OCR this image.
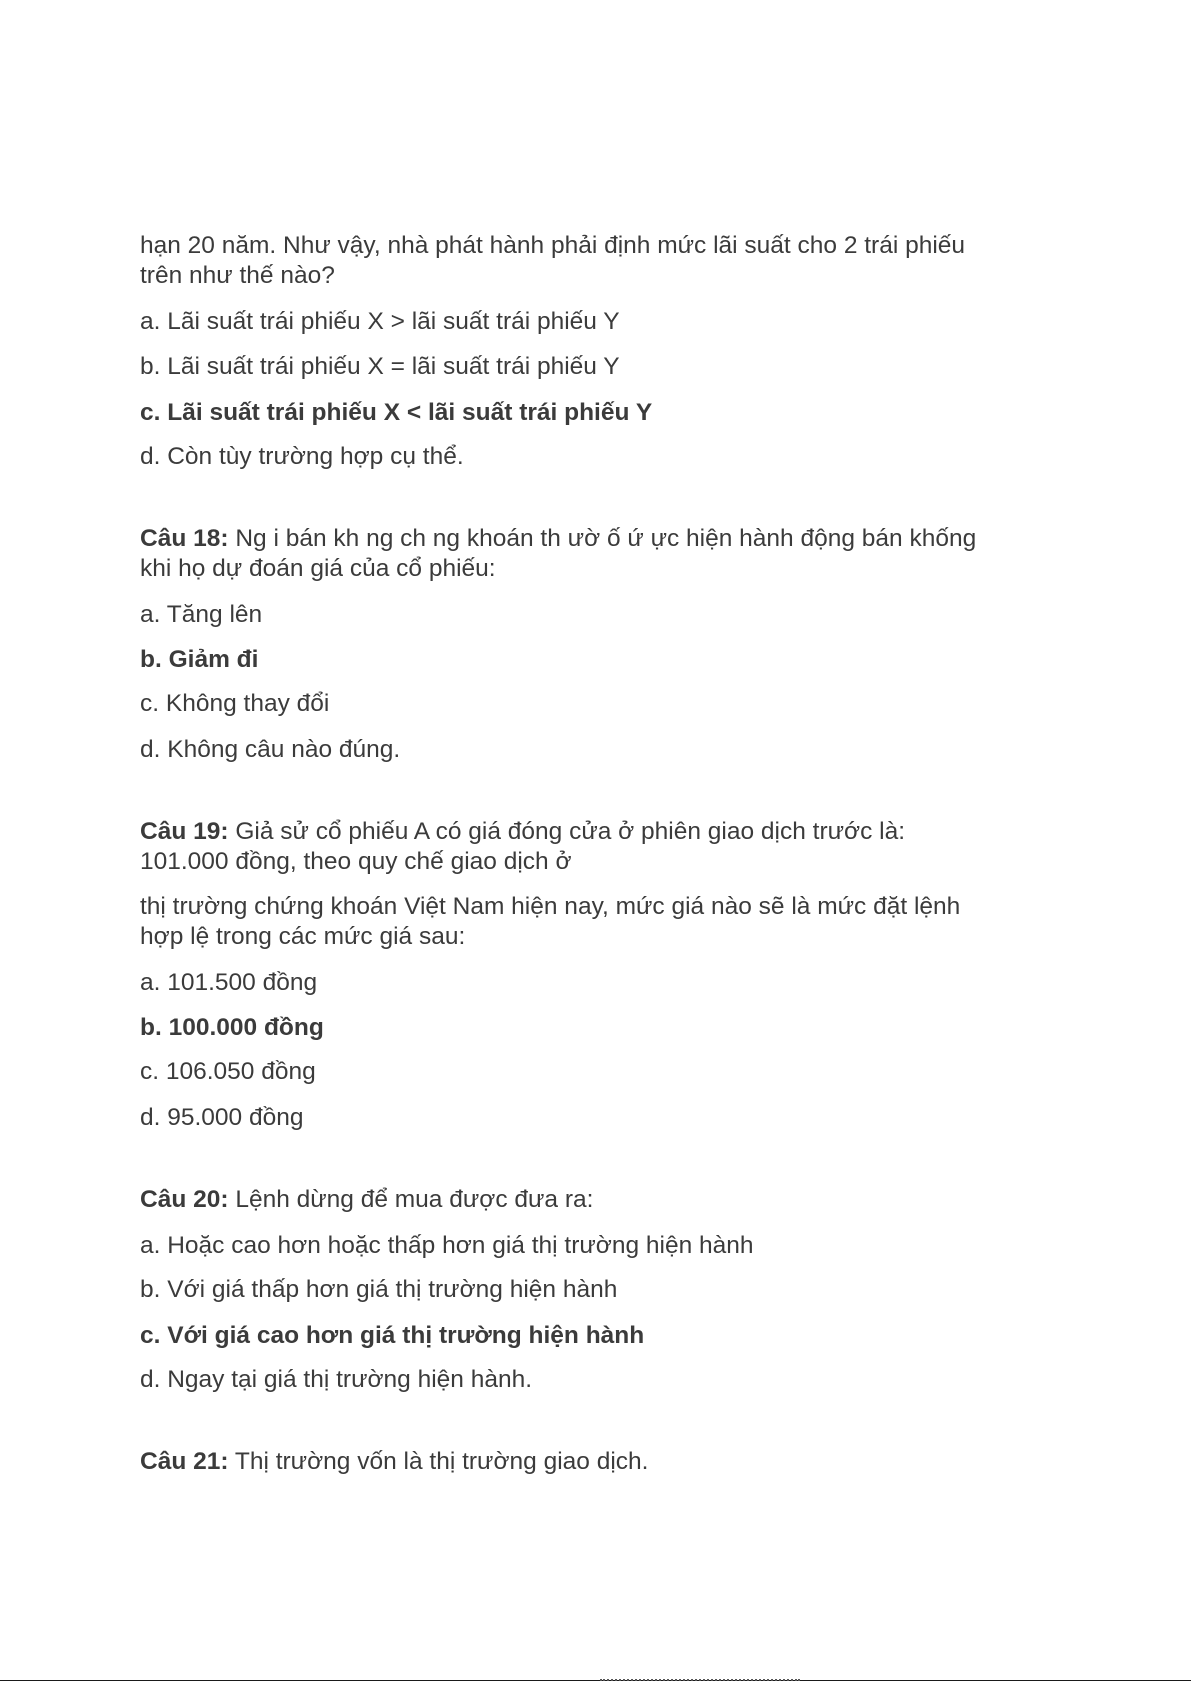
hạn 20 năm. Như vậy, nhà phát hành phải định mức lãi suất cho 2 trái phiếu

trên như thế nào?

a. Lãi suất trái phiếu X > lãi suất trái phiếu Y

b. Lãi suất trái phiếu X = lãi suất trái phiếu Y

c. Lãi suất trái phiếu X < lãi suất trái phiếu Y

d. Còn tùy trường hợp cụ thể.

Câu 18: Ng i bán kh ng ch ng khoán th ườ ố ứ ực hiện hành động bán khống

khi họ dự đoán giá của cổ phiếu:

a. Tăng lên

b. Giảm đi

c. Không thay đổi

d. Không câu nào đúng.

Câu 19: Giả sử cổ phiếu A có giá đóng cửa ở phiên giao dịch trước là:

101.000 đồng, theo quy chế giao dịch ở

thị trường chứng khoán Việt Nam hiện nay, mức giá nào sẽ là mức đặt lệnh

hợp lệ trong các mức giá sau:

a. 101.500 đồng

b. 100.000 đồng

c. 106.050 đồng

d. 95.000 đồng

Câu 20: Lệnh dừng để mua được đưa ra:

a. Hoặc cao hơn hoặc thấp hơn giá thị trường hiện hành

b. Với giá thấp hơn giá thị trường hiện hành

c. Với giá cao hơn giá thị trường hiện hành

d. Ngay tại giá thị trường hiện hành.

Câu 21: Thị trường vốn là thị trường giao dịch.
